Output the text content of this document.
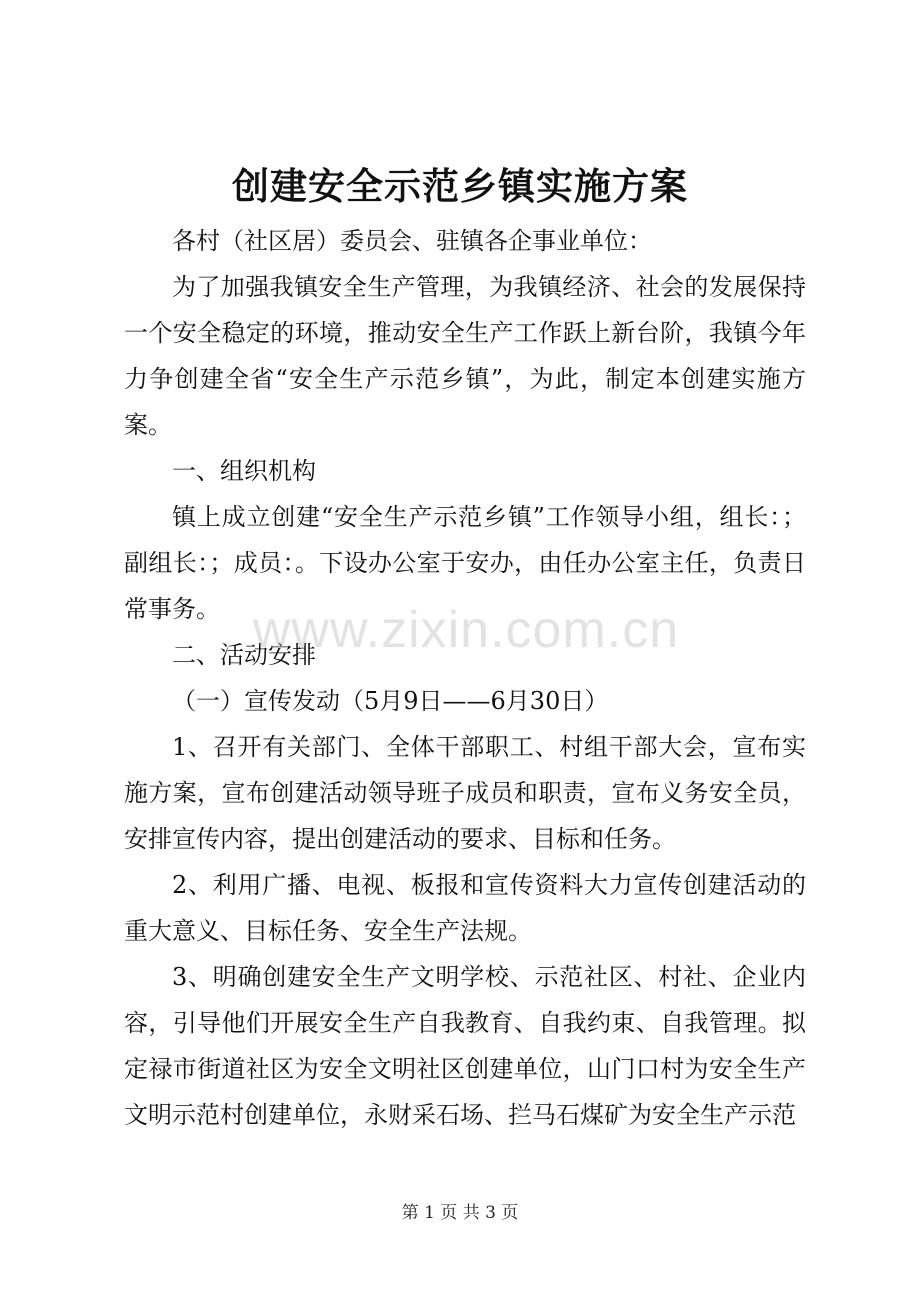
创建安全示范乡镇实施方案

各村（社区居）委员会、驻镇各企事业单位：

为了加强我镇安全生产管理，为我镇经济、社会的发展保持一个安全稳定的环境，推动安全生产工作跃上新台阶，我镇今年力争创建全省“安全生产示范乡镇”，为此，制定本创建实施方案。

一、组织机构

镇上成立创建“安全生产示范乡镇”工作领导小组，组长：；副组长：；成员：。下设办公室于安办，由任办公室主任，负责日常事务。

二、活动安排

（一）宣传发动（5月9日——6月30日）

1、召开有关部门、全体干部职工、村组干部大会，宣布实施方案，宣布创建活动领导班子成员和职责，宣布义务安全员，安排宣传内容，提出创建活动的要求、目标和任务。

2、利用广播、电视、板报和宣传资料大力宣传创建活动的重大意义、目标任务、安全生产法规。

3、明确创建安全生产文明学校、示范社区、村社、企业内容，引导他们开展安全生产自我教育、自我约束、自我管理。拟定禄市街道社区为安全文明社区创建单位，山门口村为安全生产文明示范村创建单位，永财采石场、拦马石煤矿为安全生产示范

www.zixin.com.cn
第 1 页 共 3 页
